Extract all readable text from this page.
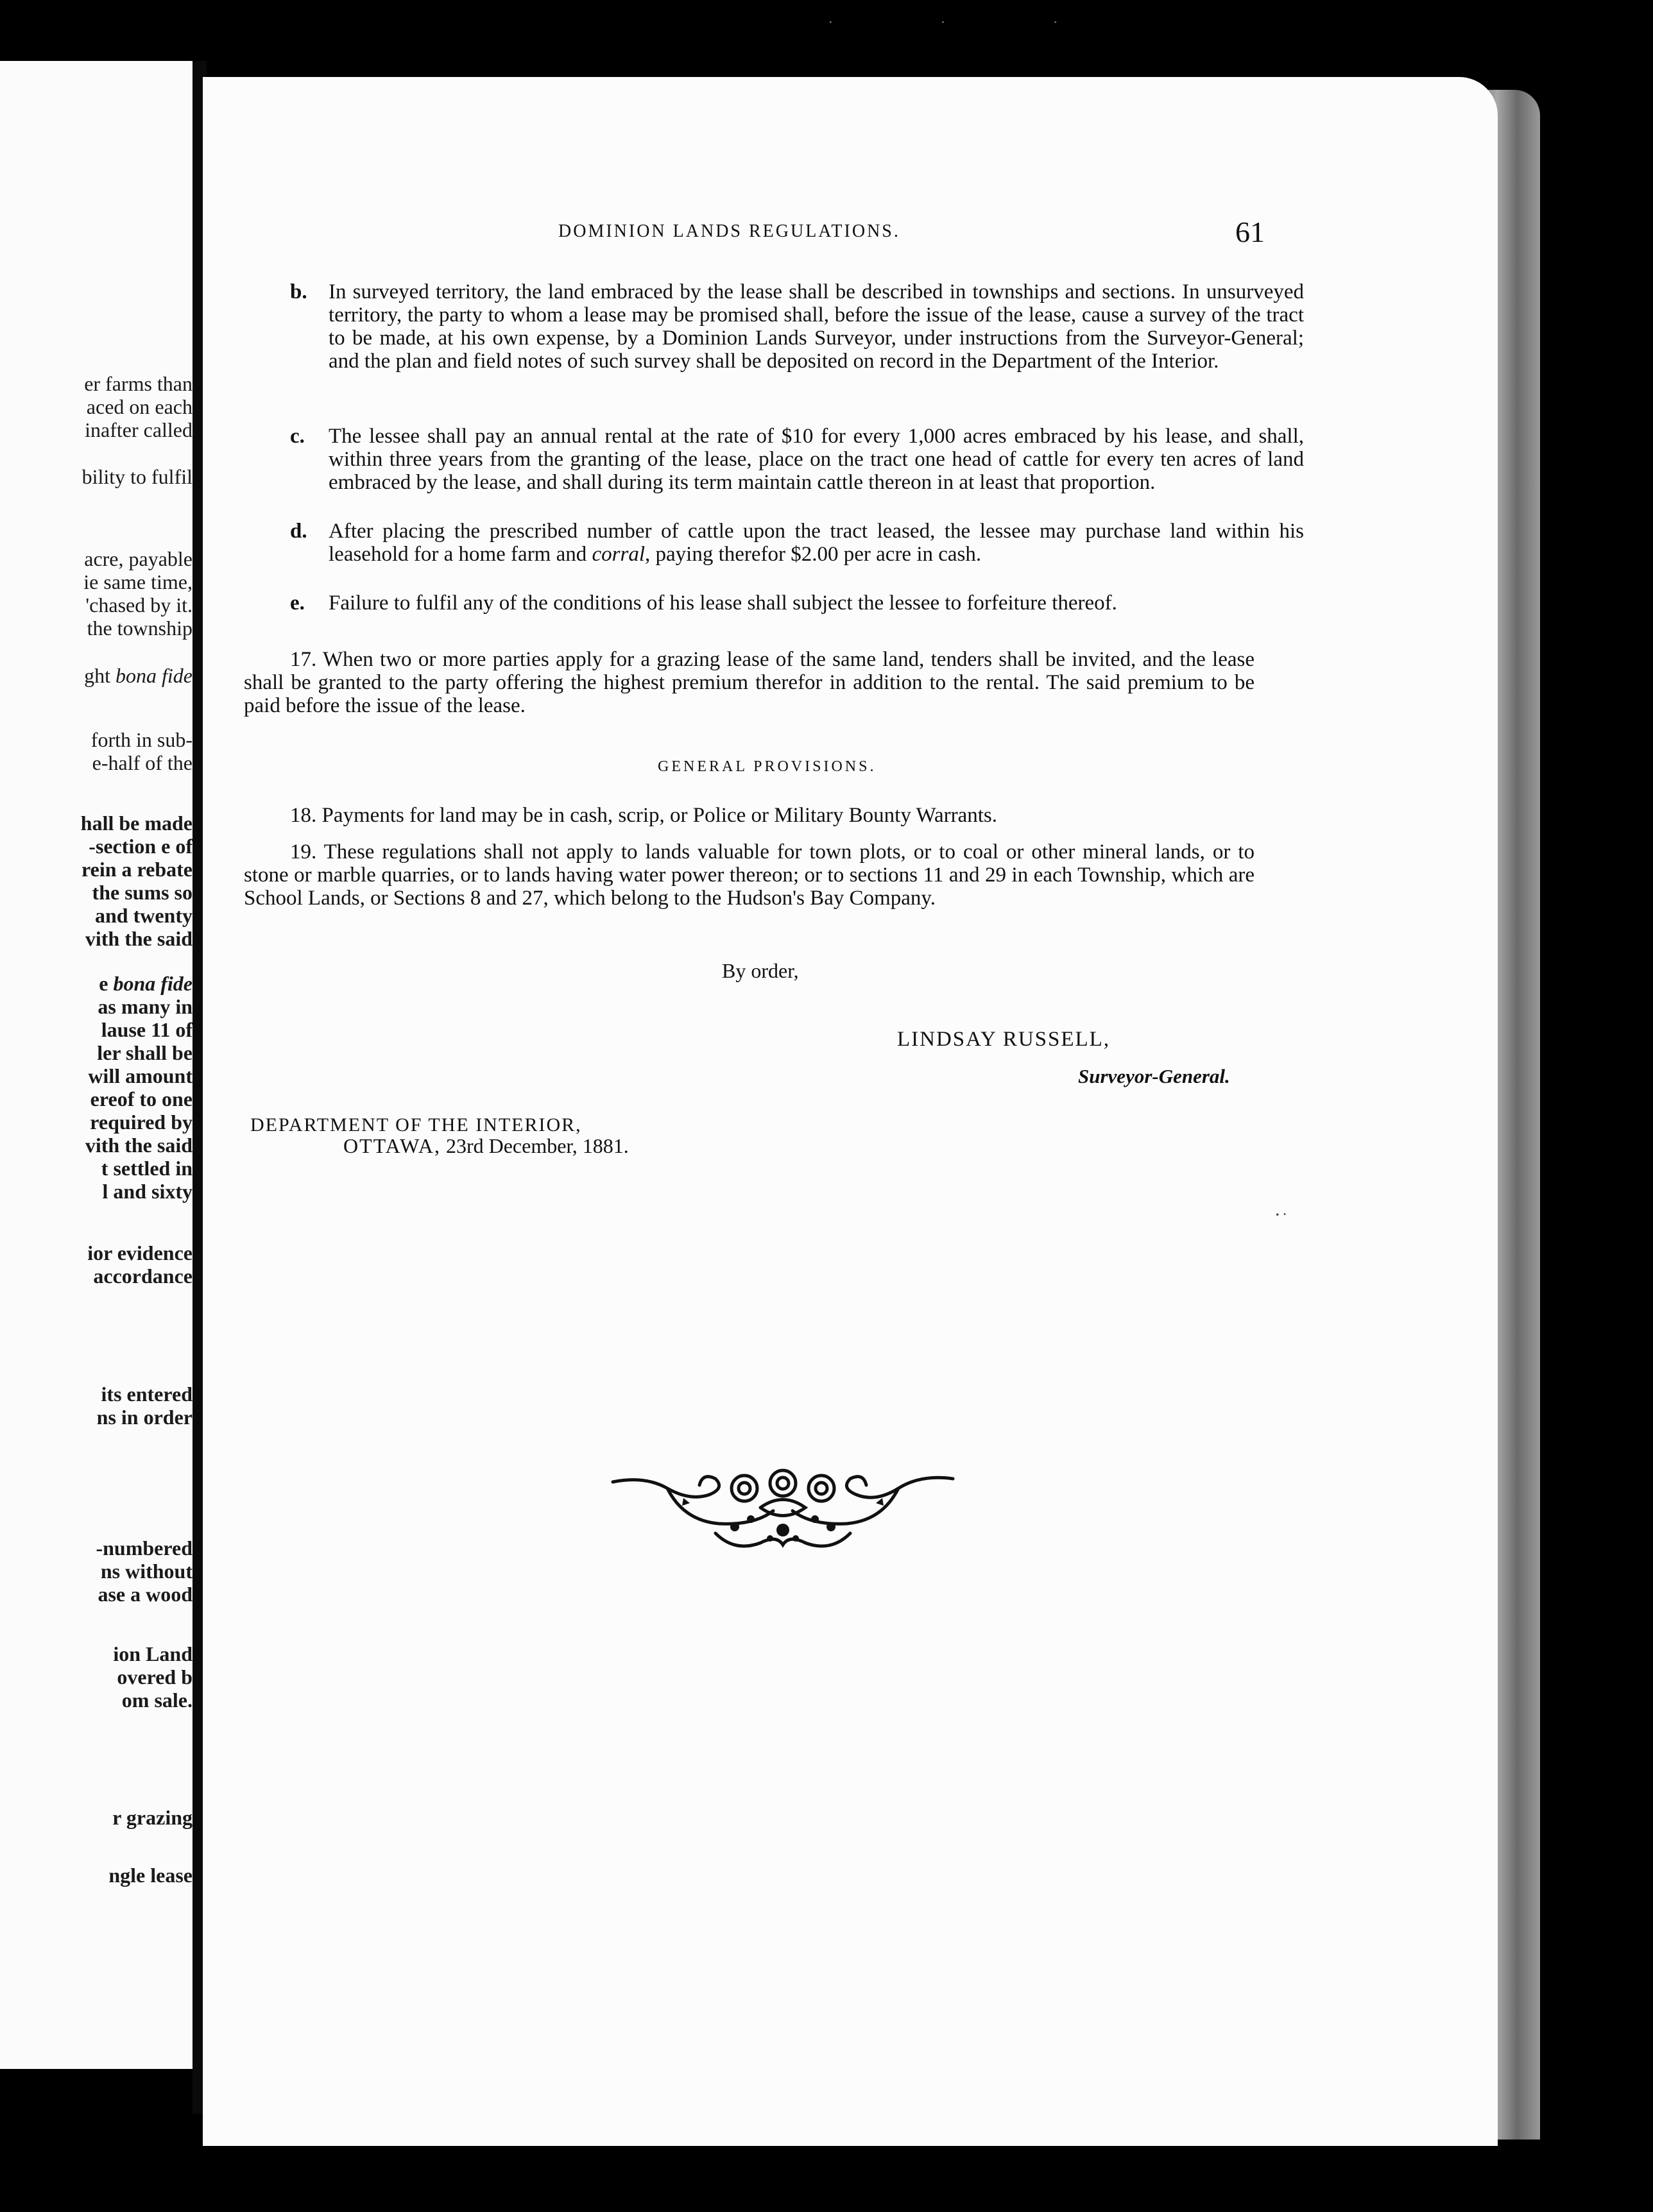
er farms than
aced on each
inafter called
bility to fulfil
acre, payable
ie same time,
'chased by it.
the township
ght bona fide
forth in sub-
e-half of the
hall be made
-section e of
rein a rebate
the sums so
and twenty
vith the said
e bona fide
as many in
lause 11 of
ler shall be
will amount
ereof to one
required by
vith the said
t settled in
l and sixty
ior evidence
accordance
its entered
ns in order
-numbered
ns without
ase a wood
ion Land
overed b
om sale.
r grazing
ngle lease
· · ·
DOMINION LANDS REGULATIONS.	61
b. In surveyed territory, the land embraced by the lease shall be described in townships and sections. In unsurveyed territory, the party to whom a lease may be promised shall, before the issue of the lease, cause a survey of the tract to be made, at his own expense, by a Dominion Lands Surveyor, under instructions from the Surveyor-General; and the plan and field notes of such survey shall be deposited on record in the Department of the Interior.
c. The lessee shall pay an annual rental at the rate of $10 for every 1,000 acres embraced by his lease, and shall, within three years from the granting of the lease, place on the tract one head of cattle for every ten acres of land embraced by the lease, and shall during its term maintain cattle thereon in at least that proportion.
d. After placing the prescribed number of cattle upon the tract leased, the lessee may purchase land within his leasehold for a home farm and corral, paying therefor $2.00 per acre in cash.
e. Failure to fulfil any of the conditions of his lease shall subject the lessee to forfeiture thereof.
17. When two or more parties apply for a grazing lease of the same land, tenders shall be invited, and the lease shall be granted to the party offering the highest premium therefor in addition to the rental. The said premium to be paid before the issue of the lease.
GENERAL PROVISIONS.
18. Payments for land may be in cash, scrip, or Police or Military Bounty Warrants.
19. These regulations shall not apply to lands valuable for town plots, or to coal or other mineral lands, or to stone or marble quarries, or to lands having water power thereon; or to sections 11 and 29 in each Township, which are School Lands, or Sections 8 and 27, which belong to the Hudson's Bay Company.
By order,
LINDSAY RUSSELL,
Surveyor-General.
DEPARTMENT OF THE INTERIOR,
OTTAWA, 23rd December, 1881.
˙͘
